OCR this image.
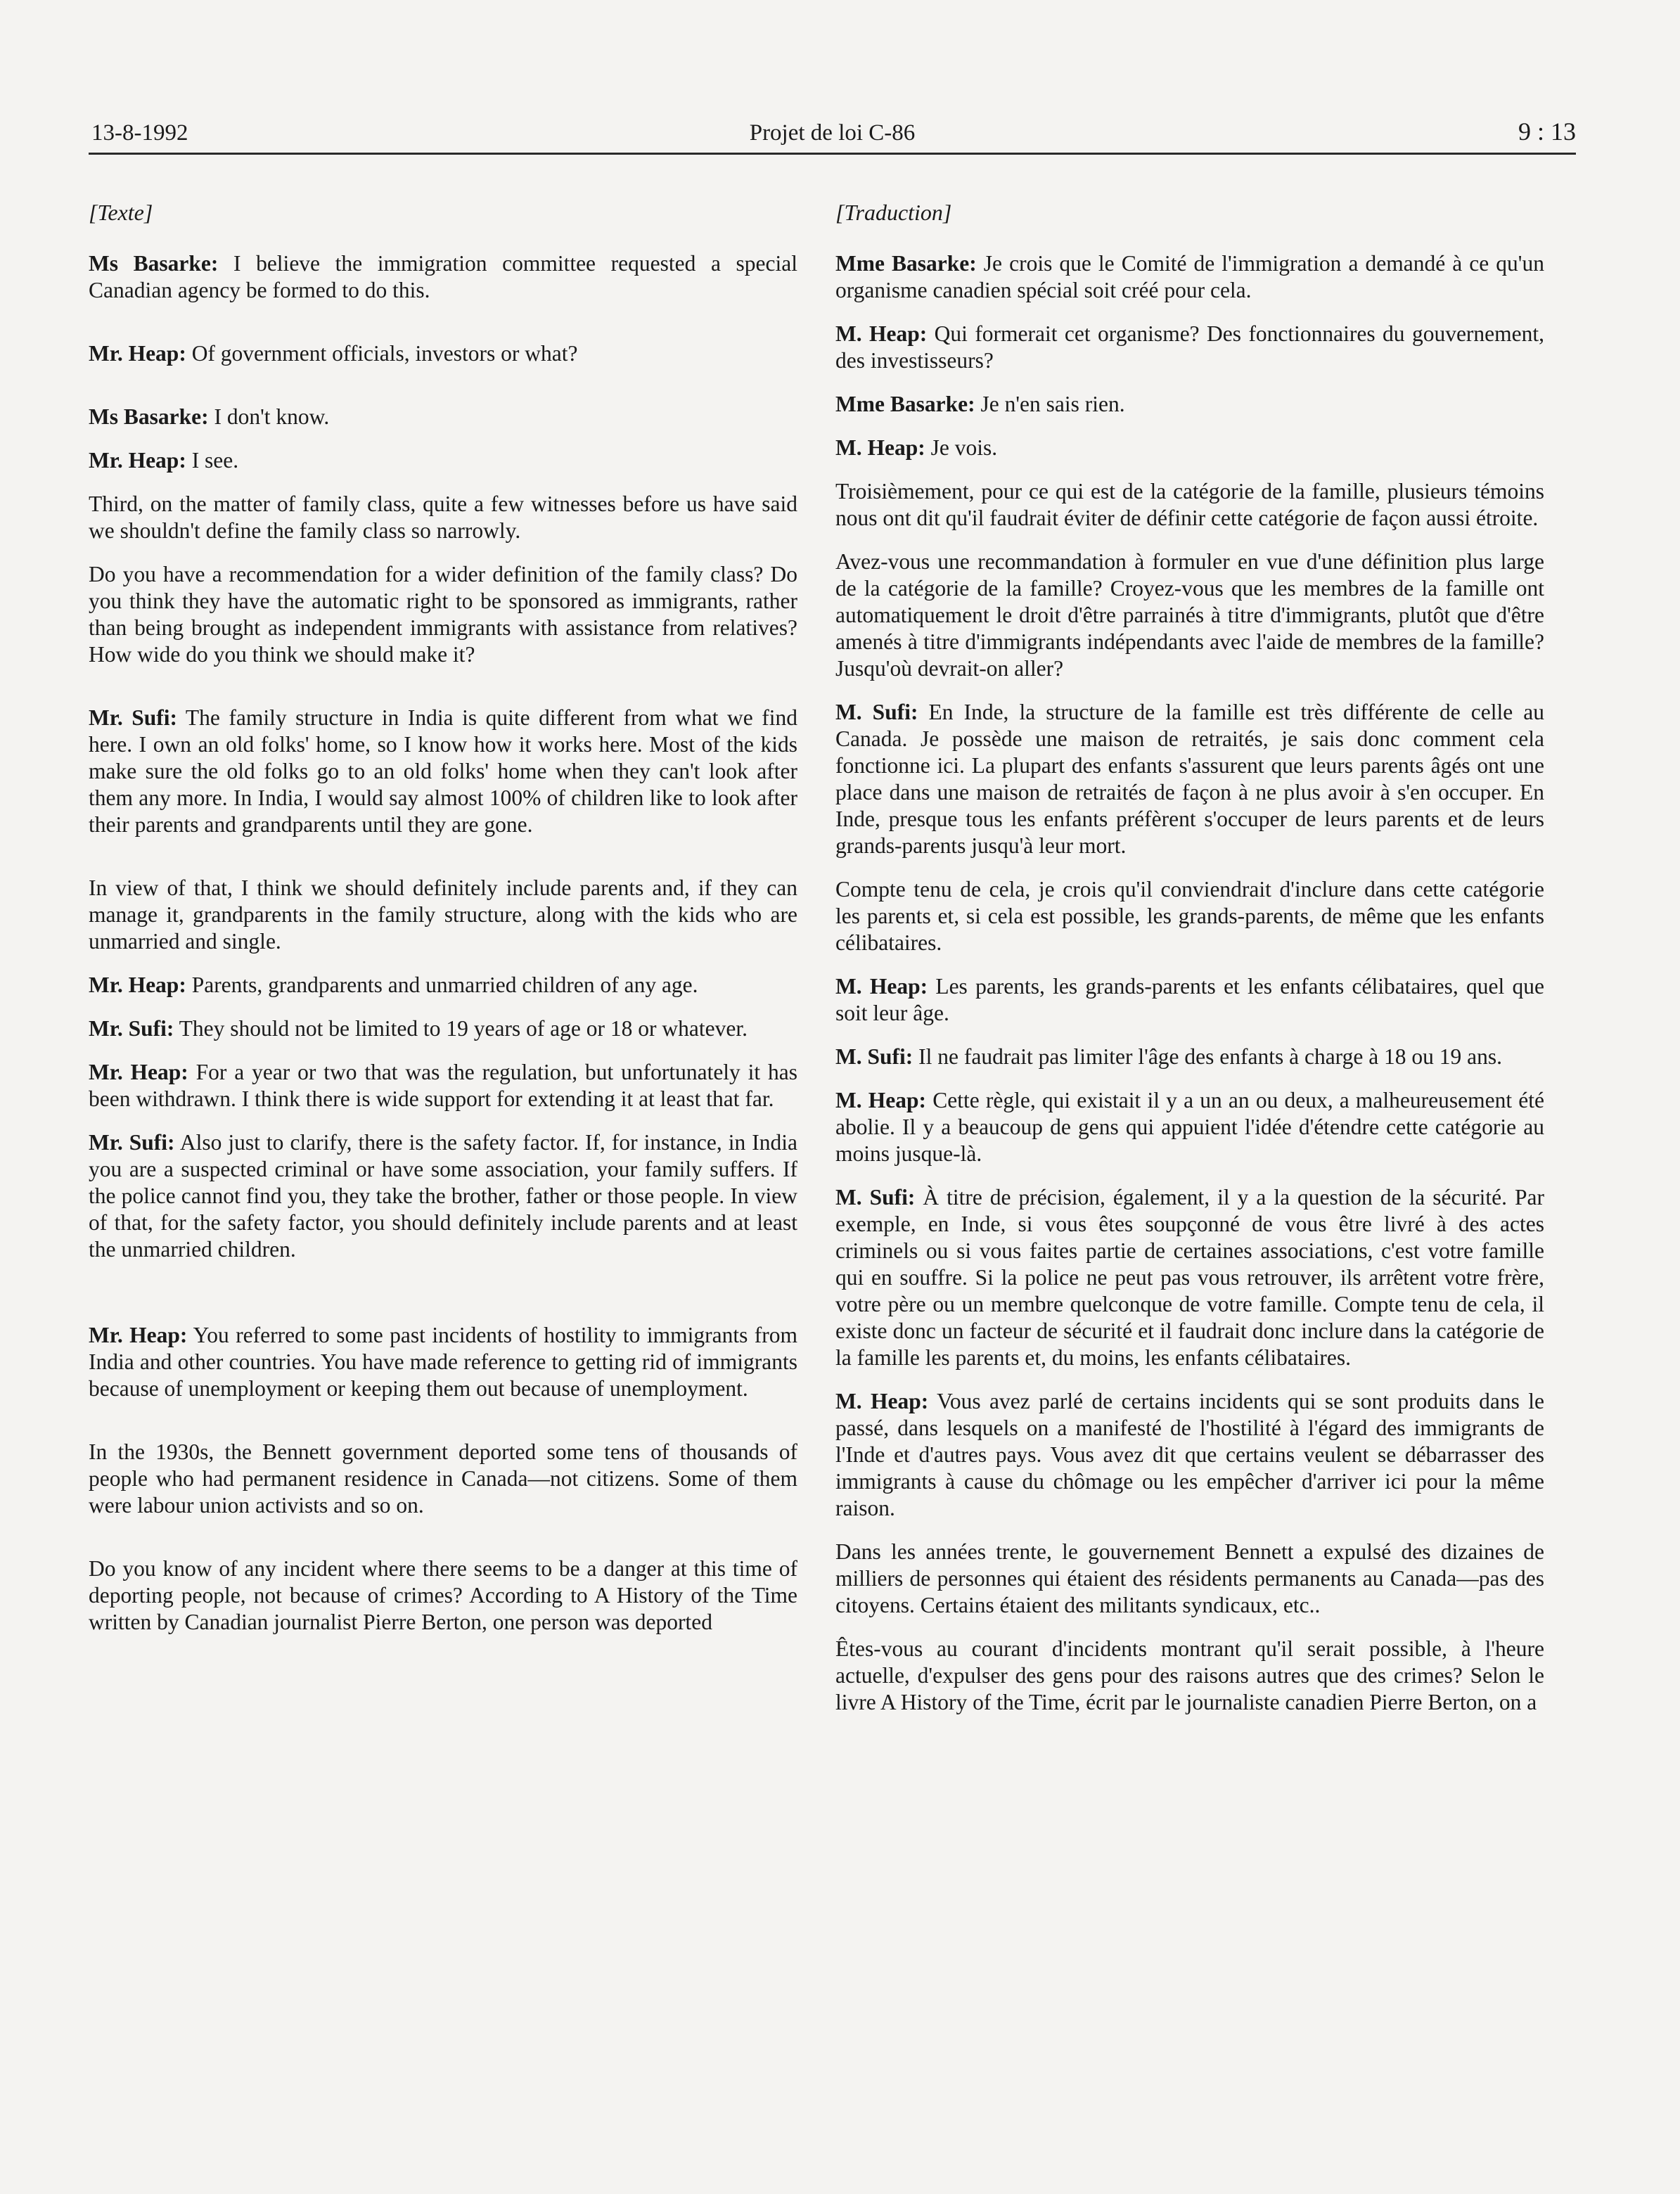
13-8-1992	Projet de loi C-86	9 : 13

[Texte]

Ms Basarke: I believe the immigration committee requested a special Canadian agency be formed to do this.

Mr. Heap: Of government officials, investors or what?

Ms Basarke: I don't know.

Mr. Heap: I see.

Third, on the matter of family class, quite a few witnesses before us have said we shouldn't define the family class so narrowly.

Do you have a recommendation for a wider definition of the family class? Do you think they have the automatic right to be sponsored as immigrants, rather than being brought as independent immigrants with assistance from relatives? How wide do you think we should make it?

Mr. Sufi: The family structure in India is quite different from what we find here. I own an old folks' home, so I know how it works here. Most of the kids make sure the old folks go to an old folks' home when they can't look after them any more. In India, I would say almost 100% of children like to look after their parents and grandparents until they are gone.

In view of that, I think we should definitely include parents and, if they can manage it, grandparents in the family structure, along with the kids who are unmarried and single.

Mr. Heap: Parents, grandparents and unmarried children of any age.

Mr. Sufi: They should not be limited to 19 years of age or 18 or whatever.

Mr. Heap: For a year or two that was the regulation, but unfortunately it has been withdrawn. I think there is wide support for extending it at least that far.

Mr. Sufi: Also just to clarify, there is the safety factor. If, for instance, in India you are a suspected criminal or have some association, your family suffers. If the police cannot find you, they take the brother, father or those people. In view of that, for the safety factor, you should definitely include parents and at least the unmarried children.

Mr. Heap: You referred to some past incidents of hostility to immigrants from India and other countries. You have made reference to getting rid of immigrants because of unemployment or keeping them out because of unemployment.

In the 1930s, the Bennett government deported some tens of thousands of people who had permanent residence in Canada—not citizens. Some of them were labour union activists and so on.

Do you know of any incident where there seems to be a danger at this time of deporting people, not because of crimes? According to A History of the Time written by Canadian journalist Pierre Berton, one person was deported

[Traduction]

Mme Basarke: Je crois que le Comité de l'immigration a demandé à ce qu'un organisme canadien spécial soit créé pour cela.

M. Heap: Qui formerait cet organisme? Des fonctionnaires du gouvernement, des investisseurs?

Mme Basarke: Je n'en sais rien.

M. Heap: Je vois.

Troisièmement, pour ce qui est de la catégorie de la famille, plusieurs témoins nous ont dit qu'il faudrait éviter de définir cette catégorie de façon aussi étroite.

Avez-vous une recommandation à formuler en vue d'une définition plus large de la catégorie de la famille? Croyez-vous que les membres de la famille ont automatiquement le droit d'être parrainés à titre d'immigrants, plutôt que d'être amenés à titre d'immigrants indépendants avec l'aide de membres de la famille? Jusqu'où devrait-on aller?

M. Sufi: En Inde, la structure de la famille est très différente de celle au Canada. Je possède une maison de retraités, je sais donc comment cela fonctionne ici. La plupart des enfants s'assurent que leurs parents âgés ont une place dans une maison de retraités de façon à ne plus avoir à s'en occuper. En Inde, presque tous les enfants préfèrent s'occuper de leurs parents et de leurs grands-parents jusqu'à leur mort.

Compte tenu de cela, je crois qu'il conviendrait d'inclure dans cette catégorie les parents et, si cela est possible, les grands-parents, de même que les enfants célibataires.

M. Heap: Les parents, les grands-parents et les enfants célibataires, quel que soit leur âge.

M. Sufi: Il ne faudrait pas limiter l'âge des enfants à charge à 18 ou 19 ans.

M. Heap: Cette règle, qui existait il y a un an ou deux, a malheureusement été abolie. Il y a beaucoup de gens qui appuient l'idée d'étendre cette catégorie au moins jusque-là.

M. Sufi: À titre de précision, également, il y a la question de la sécurité. Par exemple, en Inde, si vous êtes soupçonné de vous être livré à des actes criminels ou si vous faites partie de certaines associations, c'est votre famille qui en souffre. Si la police ne peut pas vous retrouver, ils arrêtent votre frère, votre père ou un membre quelconque de votre famille. Compte tenu de cela, il existe donc un facteur de sécurité et il faudrait donc inclure dans la catégorie de la famille les parents et, du moins, les enfants célibataires.

M. Heap: Vous avez parlé de certains incidents qui se sont produits dans le passé, dans lesquels on a manifesté de l'hostilité à l'égard des immigrants de l'Inde et d'autres pays. Vous avez dit que certains veulent se débarrasser des immigrants à cause du chômage ou les empêcher d'arriver ici pour la même raison.

Dans les années trente, le gouvernement Bennett a expulsé des dizaines de milliers de personnes qui étaient des résidents permanents au Canada—pas des citoyens. Certains étaient des militants syndicaux, etc..

Êtes-vous au courant d'incidents montrant qu'il serait possible, à l'heure actuelle, d'expulser des gens pour des raisons autres que des crimes? Selon le livre A History of the Time, écrit par le journaliste canadien Pierre Berton, on a
